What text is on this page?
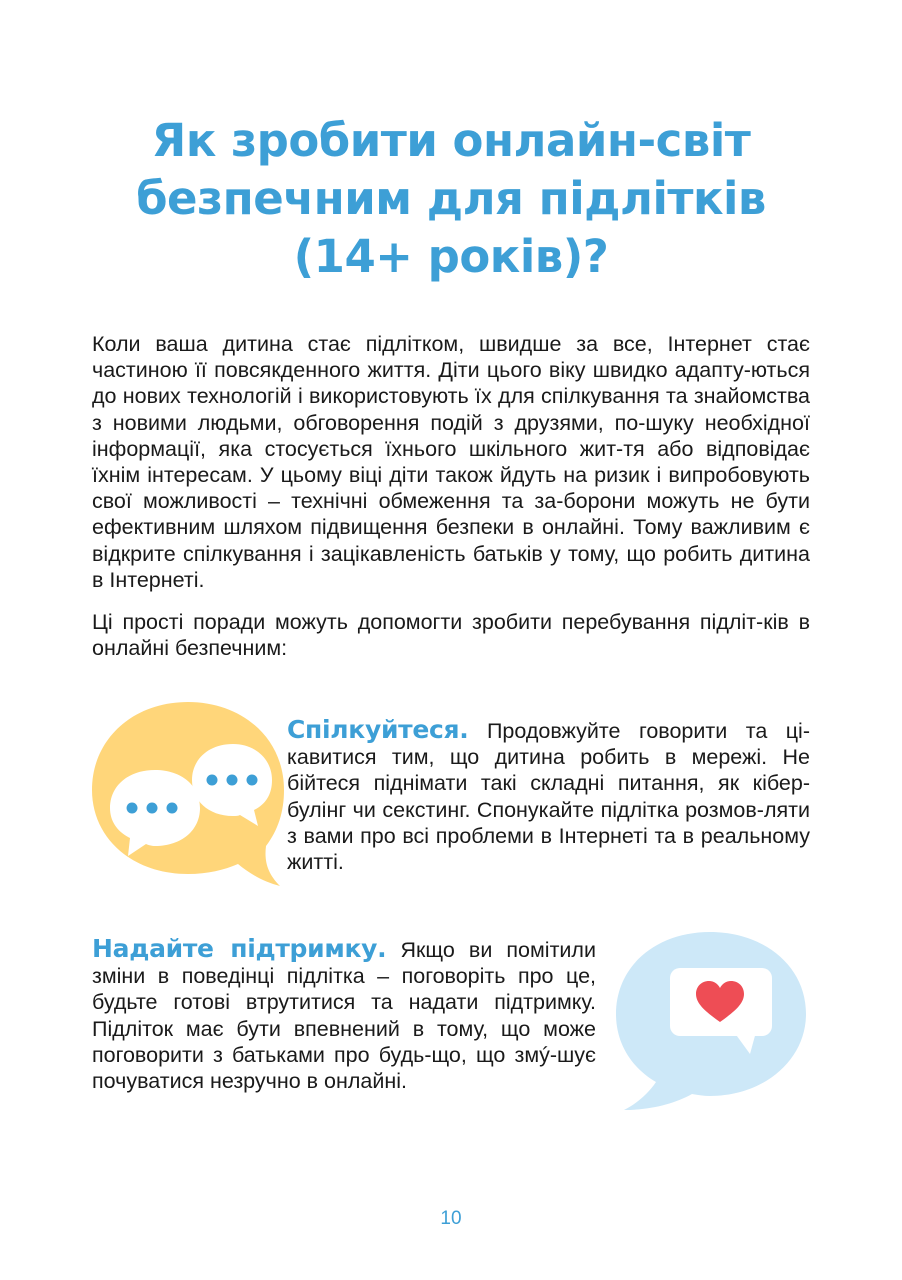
Як зробити онлайн-світ
безпечним для підлітків
(14+ років)?

Коли ваша дитина стає підлітком, швидше за все, Інтернет стає частиною її повсякденного життя. Діти цього віку швидко адапту-ються до нових технологій і використовують їх для спілкування та знайомства з новими людьми, обговорення подій з друзями, по-шуку необхідної інформації, яка стосується їхнього шкільного жит-тя або відповідає їхнім інтересам. У цьому віці діти також йдуть на ризик і випробовують свої можливості – технічні обмеження та за-борони можуть не бути ефективним шляхом підвищення безпеки в онлайні. Тому важливим є відкрите спілкування і зацікавленість батьків у тому, що робить дитина в Інтернеті.

Ці прості поради можуть допомогти зробити перебування підліт-ків в онлайні безпечним:

Спілкуйтеся. Продовжуйте говорити та ці-кавитися тим, що дитина робить в мережі. Не бійтеся піднімати такі складні питання, як кібер-булінг чи секстинг. Спонукайте підлітка розмов-ляти з вами про всі проблеми в Інтернеті та в реальному житті.

Надайте підтримку. Якщо ви помітили зміни в поведінці підлітка – поговоріть про це, будьте готові втрутитися та надати підтримку. Підліток має бути впевнений в тому, що може поговорити з батьками про будь-що, що змý-шує почуватися незручно в онлайні.

10
